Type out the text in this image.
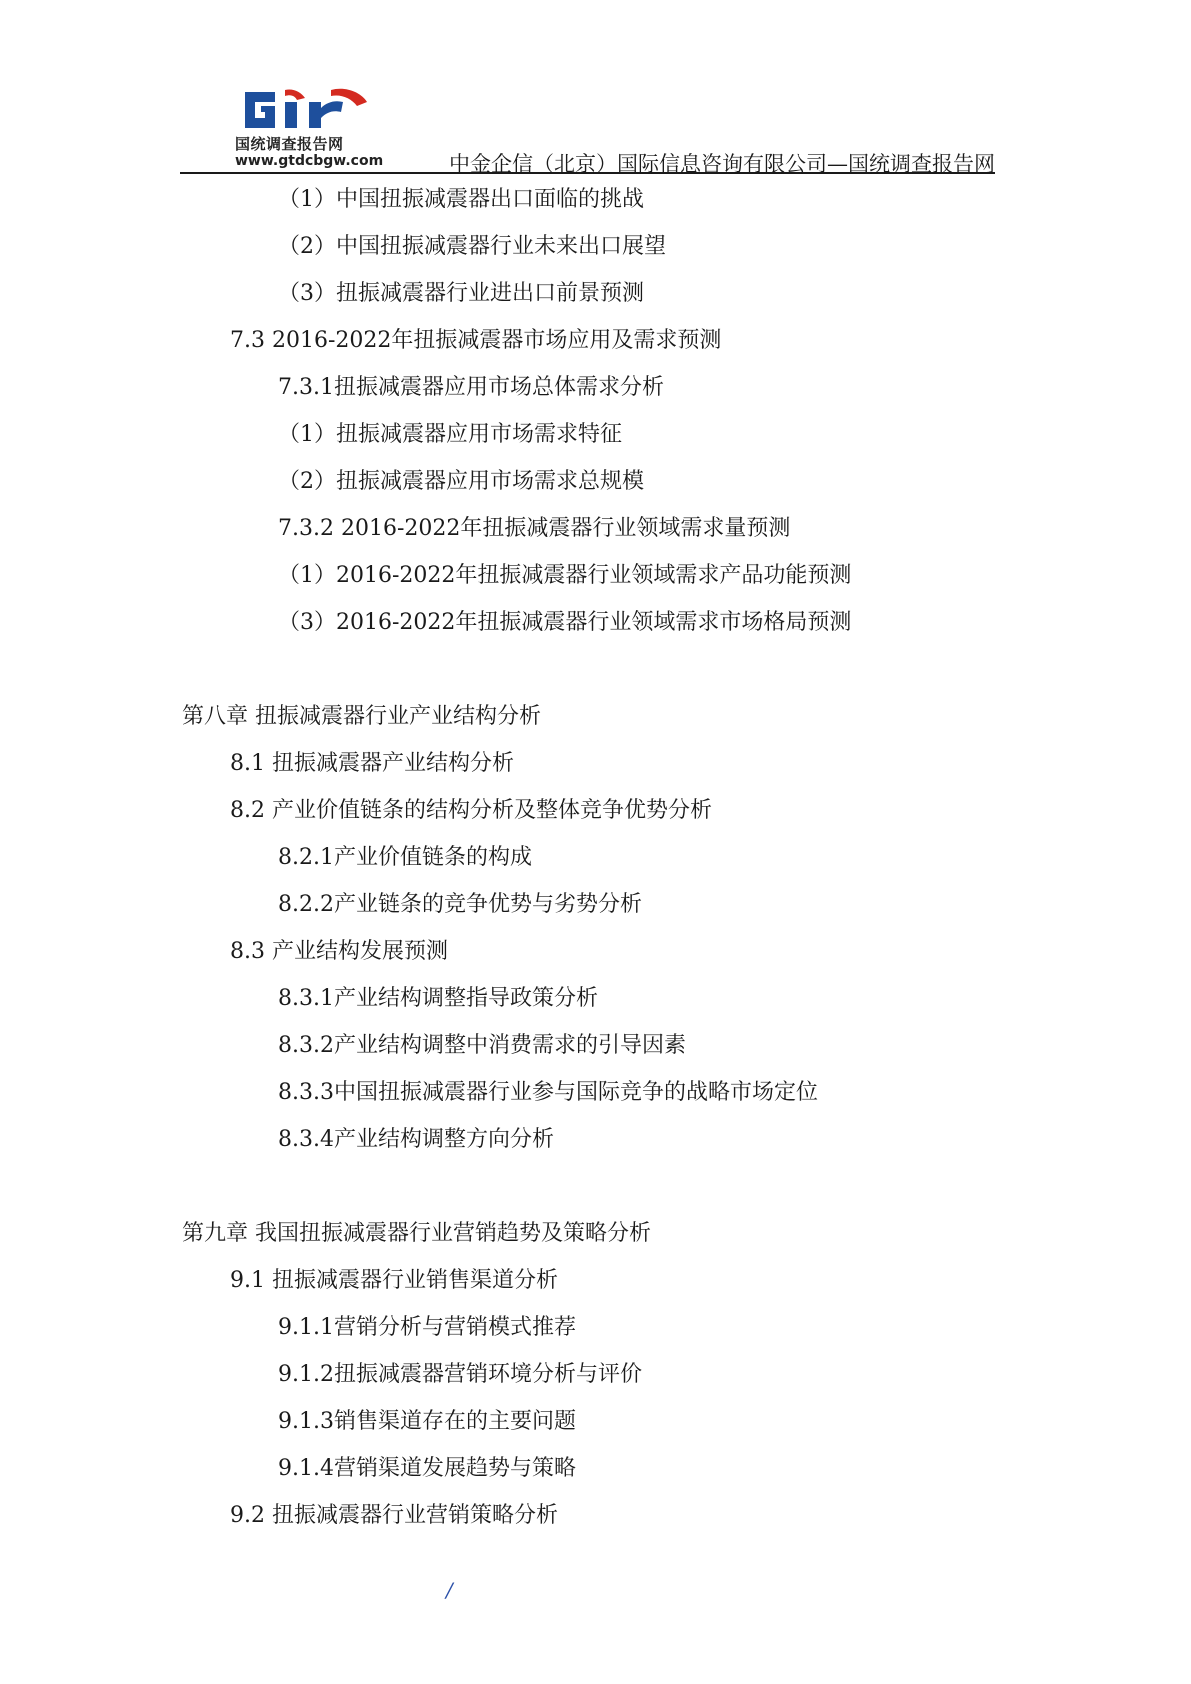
国统调查报告网
www.gtdcbgw.com	中金企信（北京）国际信息咨询有限公司—国统调查报告网
（1）中国扭振减震器出口面临的挑战
（2）中国扭振减震器行业未来出口展望
（3）扭振减震器行业进出口前景预测
7.3 2016-2022年扭振减震器市场应用及需求预测
7.3.1扭振减震器应用市场总体需求分析
（1）扭振减震器应用市场需求特征
（2）扭振减震器应用市场需求总规模
7.3.2 2016-2022年扭振减震器行业领域需求量预测
（1）2016-2022年扭振减震器行业领域需求产品功能预测
（3）2016-2022年扭振减震器行业领域需求市场格局预测
第八章 扭振减震器行业产业结构分析
8.1 扭振减震器产业结构分析
8.2 产业价值链条的结构分析及整体竞争优势分析
8.2.1产业价值链条的构成
8.2.2产业链条的竞争优势与劣势分析
8.3 产业结构发展预测
8.3.1产业结构调整指导政策分析
8.3.2产业结构调整中消费需求的引导因素
8.3.3中国扭振减震器行业参与国际竞争的战略市场定位
8.3.4产业结构调整方向分析
第九章 我国扭振减震器行业营销趋势及策略分析
9.1 扭振减震器行业销售渠道分析
9.1.1营销分析与营销模式推荐
9.1.2扭振减震器营销环境分析与评价
9.1.3销售渠道存在的主要问题
9.1.4营销渠道发展趋势与策略
9.2 扭振减震器行业营销策略分析
/
